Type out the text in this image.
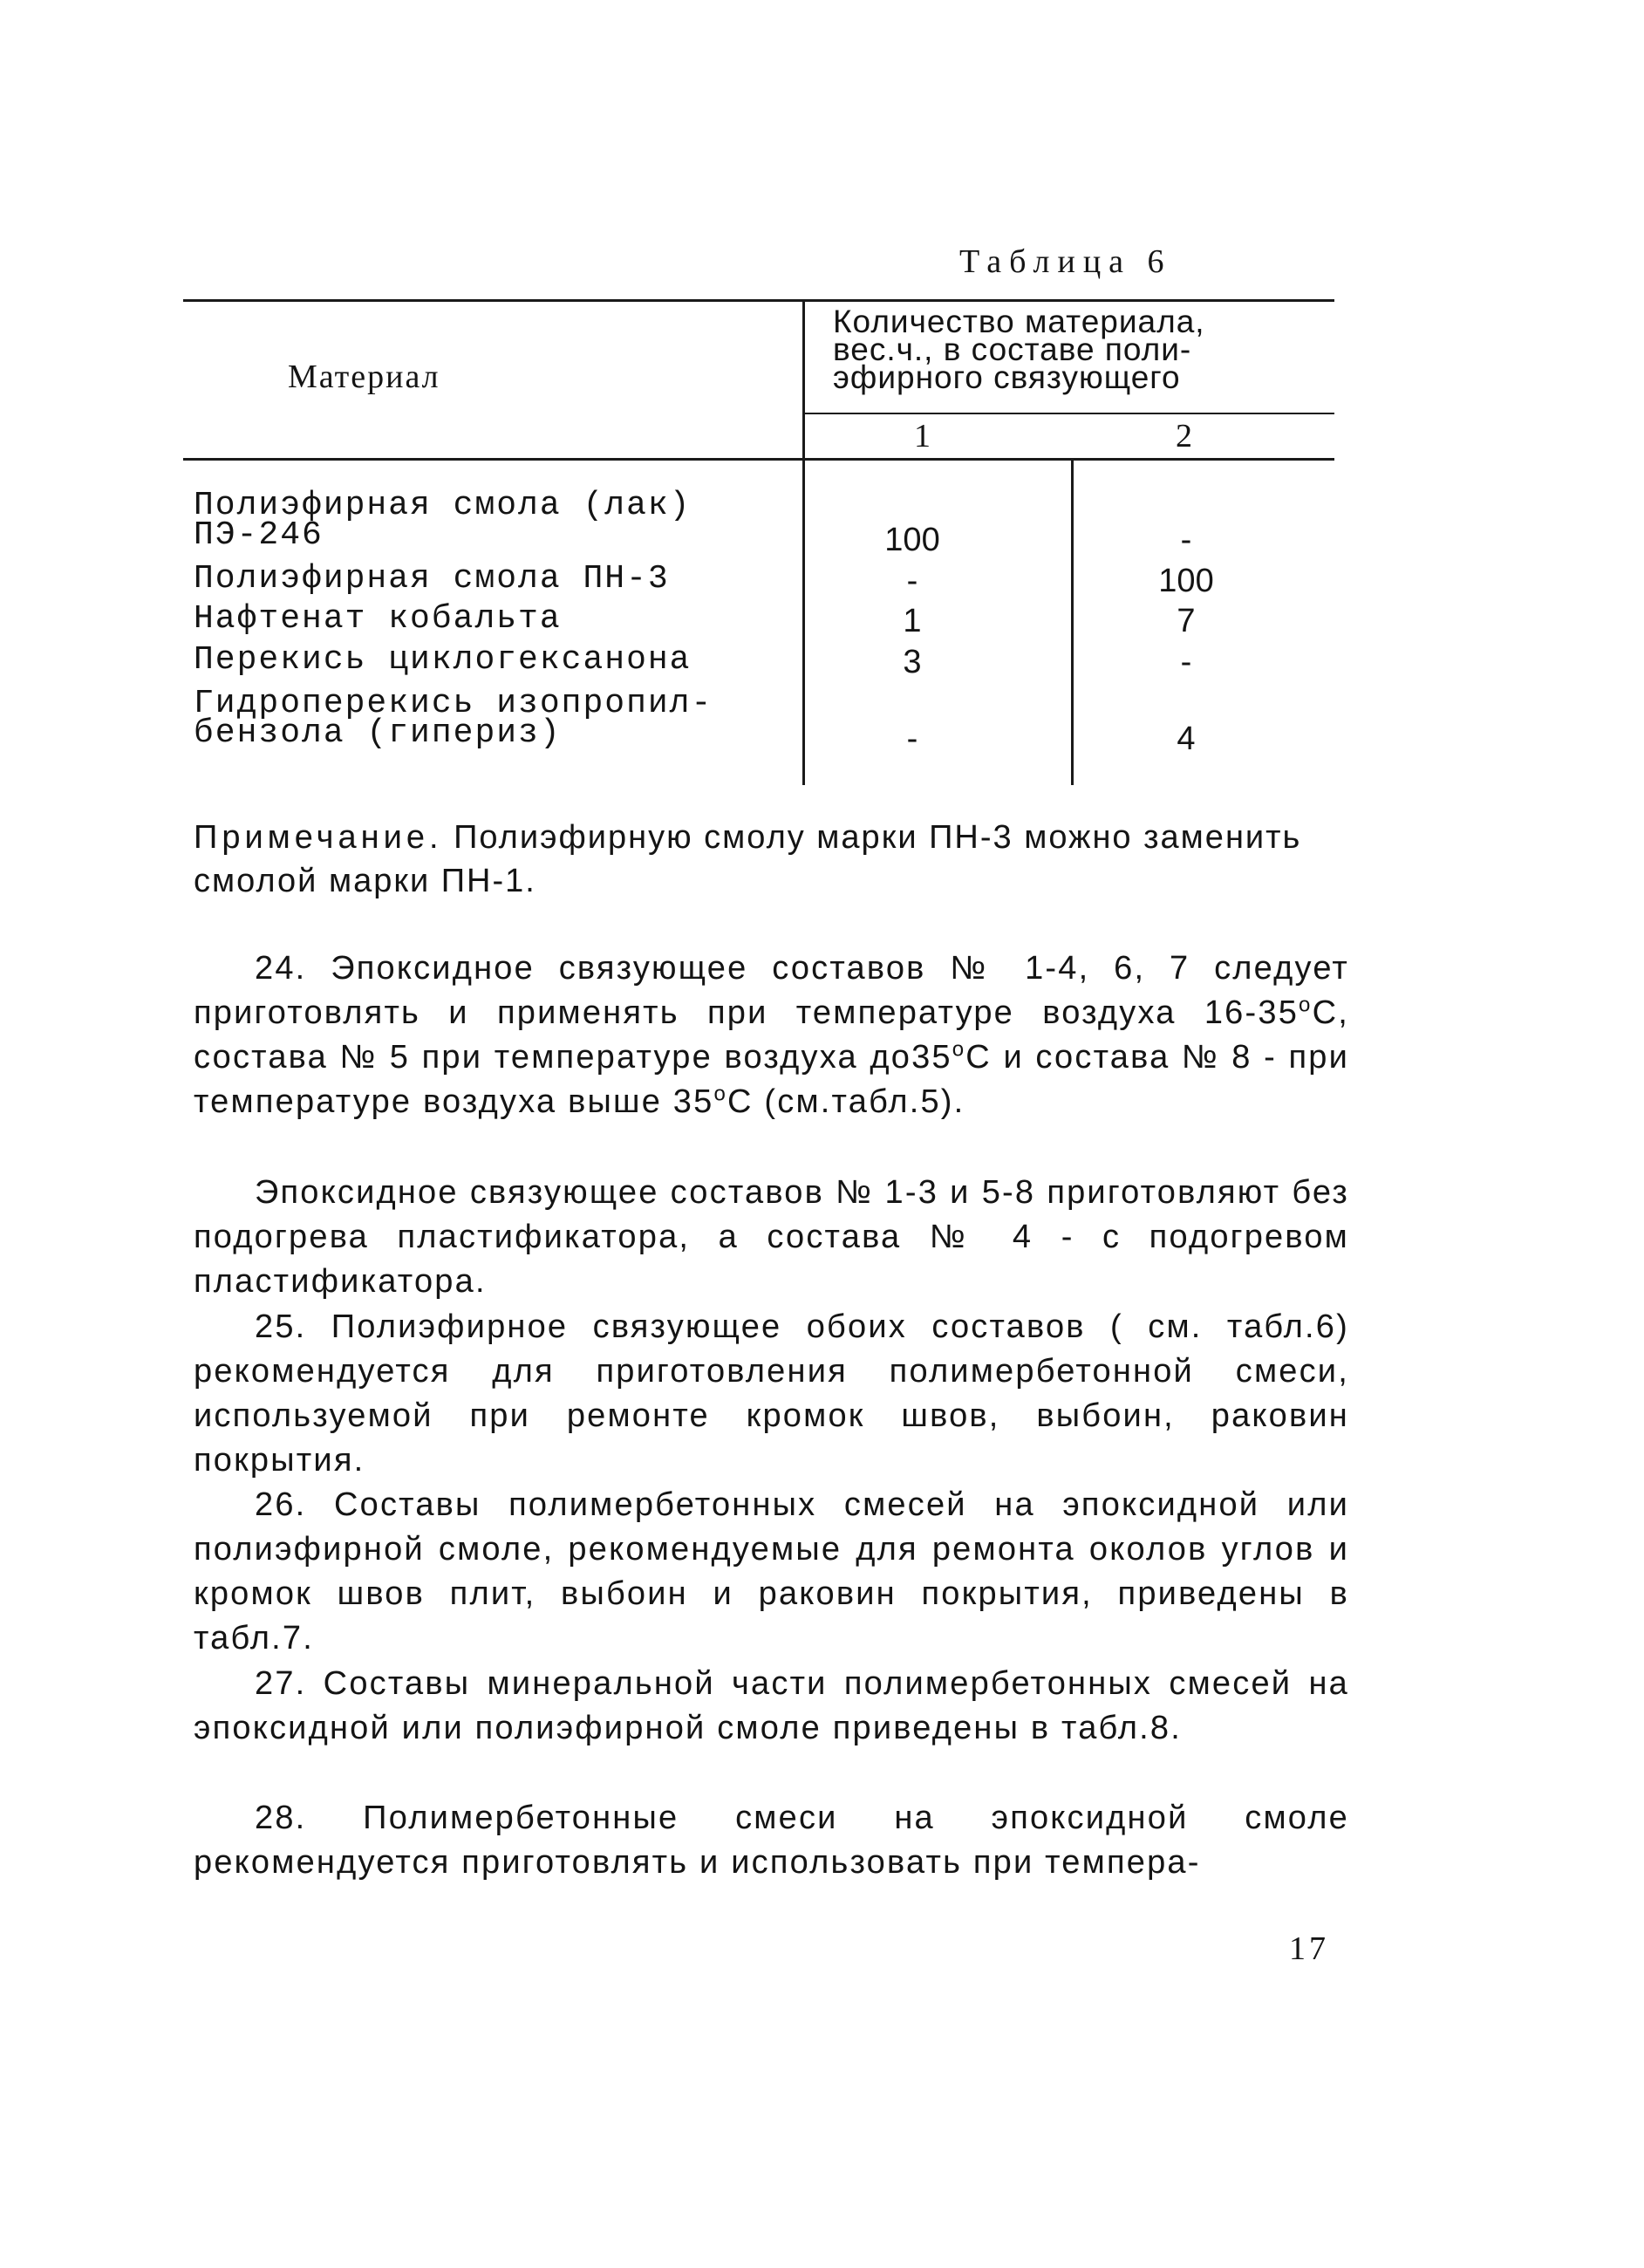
Таблица 6
Материал
Количество материала,
вес.ч., в составе поли-
эфирного связующего
1	2
Полиэфирная смола (лак)
ПЭ-246	100	-
Полиэфирная смола ПН-3	-	100
Нафтенат кобальта	1	7
Перекись циклогексанона	3	-
Гидроперекись изопропил-
бензола (гипериз)	-	4
Примечание. Полиэфирную смолу марки ПН-3 можно заменить смолой марки ПН-1.
24. Эпоксидное связующее составов № 1-4, 6, 7 следует приготовлять и применять при температуре воздуха $16-35^оС$, состава № 5 при температуре воздуха $до35^оС$ и состава № 8 - при температуре воздуха выше $35^оС$ (см.табл.5).
Эпоксидное связующее составов № 1-3 и 5-8 приготовляют без подогрева пластификатора, а состава № 4 - с подогревом пластификатора.
25. Полиэфирное связующее обоих составов ( см. табл.6) рекомендуется для приготовления полимербетонной смеси, используемой при ремонте кромок швов, выбоин, раковин покрытия.
26. Составы полимербетонных смесей на эпоксидной или полиэфирной смоле, рекомендуемые для ремонта околов углов и кромок швов плит, выбоин и раковин покрытия, приведены в табл.7.
27. Составы минеральной части полимербетонных смесей на эпоксидной или полиэфирной смоле приведены в табл.8.
28. Полимербетонные смеси на эпоксидной смоле рекомендуется приготовлять и использовать при темпера-
17
